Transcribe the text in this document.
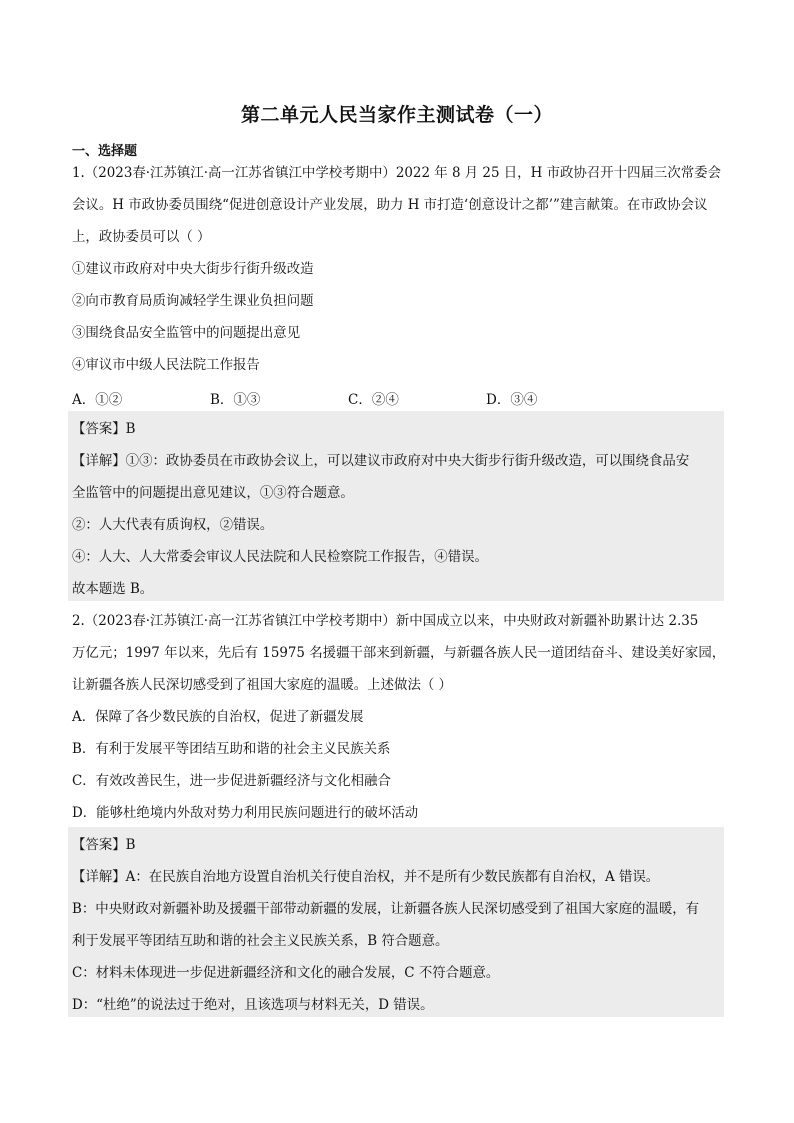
第二单元人民当家作主测试卷（一）
一、选择题
1.（2023春·江苏镇江·高一江苏省镇江中学校考期中）2022 年 8 月 25 日，H 市政协召开十四届三次常委会
会议。H 市政协委员围绕“促进创意设计产业发展，助力 H 市打造‘创意设计之都’”建言献策。在市政协会议
上，政协委员可以（ ）
①建议市政府对中央大街步行街升级改造
②向市教育局质询减轻学生课业负担问题
③围绕食品安全监管中的问题提出意见
④审议市中级人民法院工作报告
A．①②	B．①③	C．②④	D．③④
【答案】B
【详解】①③：政协委员在市政协会议上，可以建议市政府对中央大街步行街升级改造，可以围绕食品安
全监管中的问题提出意见建议，①③符合题意。
②：人大代表有质询权，②错误。
④：人大、人大常委会审议人民法院和人民检察院工作报告，④错误。
故本题选 B。
2.（2023春·江苏镇江·高一江苏省镇江中学校考期中）新中国成立以来，中央财政对新疆补助累计达 2.35
万亿元；1997 年以来，先后有 15975 名援疆干部来到新疆，与新疆各族人民一道团结奋斗、建设美好家园，
让新疆各族人民深切感受到了祖国大家庭的温暖。上述做法（ ）
A．保障了各少数民族的自治权，促进了新疆发展
B．有利于发展平等团结互助和谐的社会主义民族关系
C．有效改善民生，进一步促进新疆经济与文化相融合
D．能够杜绝境内外敌对势力利用民族问题进行的破坏活动
【答案】B
【详解】A：在民族自治地方设置自治机关行使自治权，并不是所有少数民族都有自治权，A 错误。
B：中央财政对新疆补助及援疆干部带动新疆的发展，让新疆各族人民深切感受到了祖国大家庭的温暖，有
利于发展平等团结互助和谐的社会主义民族关系，B 符合题意。
C：材料未体现进一步促进新疆经济和文化的融合发展，C 不符合题意。
D：“杜绝”的说法过于绝对，且该选项与材料无关，D 错误。
